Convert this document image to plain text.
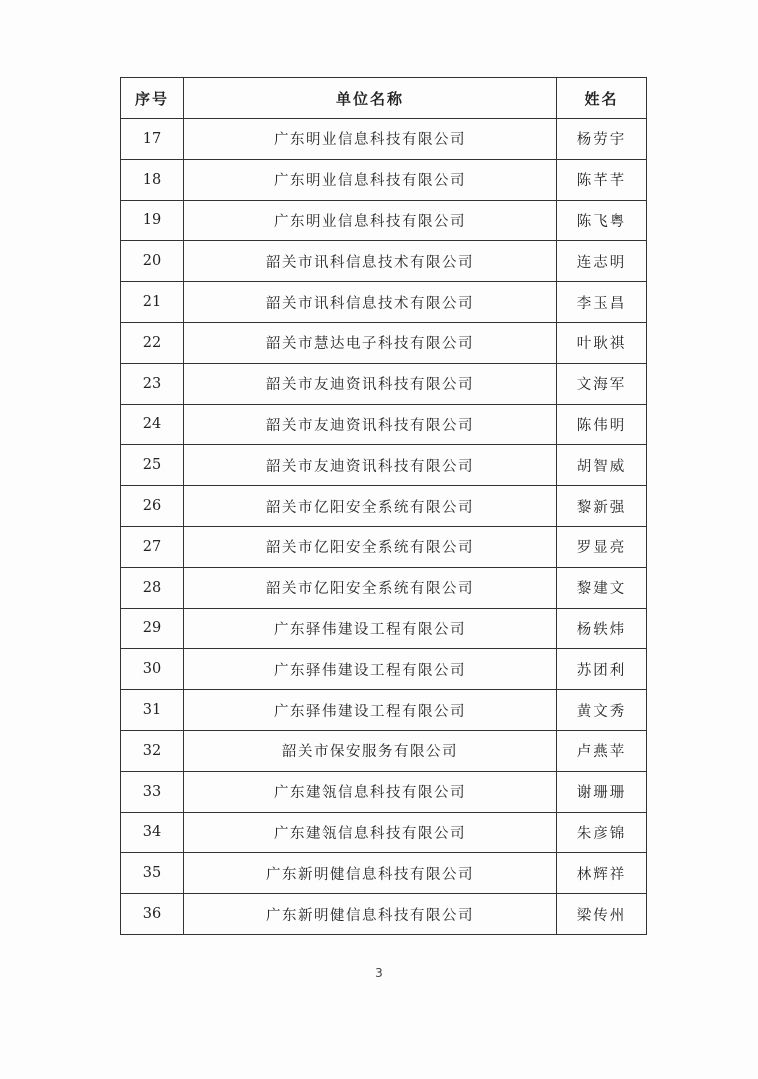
序号	单位名称	姓名
17	广东明业信息科技有限公司	杨劳宇
18	广东明业信息科技有限公司	陈芊芊
19	广东明业信息科技有限公司	陈飞粤
20	韶关市讯科信息技术有限公司	连志明
21	韶关市讯科信息技术有限公司	李玉昌
22	韶关市慧达电子科技有限公司	叶耿祺
23	韶关市友迪资讯科技有限公司	文海军
24	韶关市友迪资讯科技有限公司	陈伟明
25	韶关市友迪资讯科技有限公司	胡智威
26	韶关市亿阳安全系统有限公司	黎新强
27	韶关市亿阳安全系统有限公司	罗显亮
28	韶关市亿阳安全系统有限公司	黎建文
29	广东驿伟建设工程有限公司	杨轶炜
30	广东驿伟建设工程有限公司	苏团利
31	广东驿伟建设工程有限公司	黄文秀
32	韶关市保安服务有限公司	卢燕苹
33	广东建瓴信息科技有限公司	谢珊珊
34	广东建瓴信息科技有限公司	朱彦锦
35	广东新明健信息科技有限公司	林辉祥
36	广东新明健信息科技有限公司	梁传州
3
